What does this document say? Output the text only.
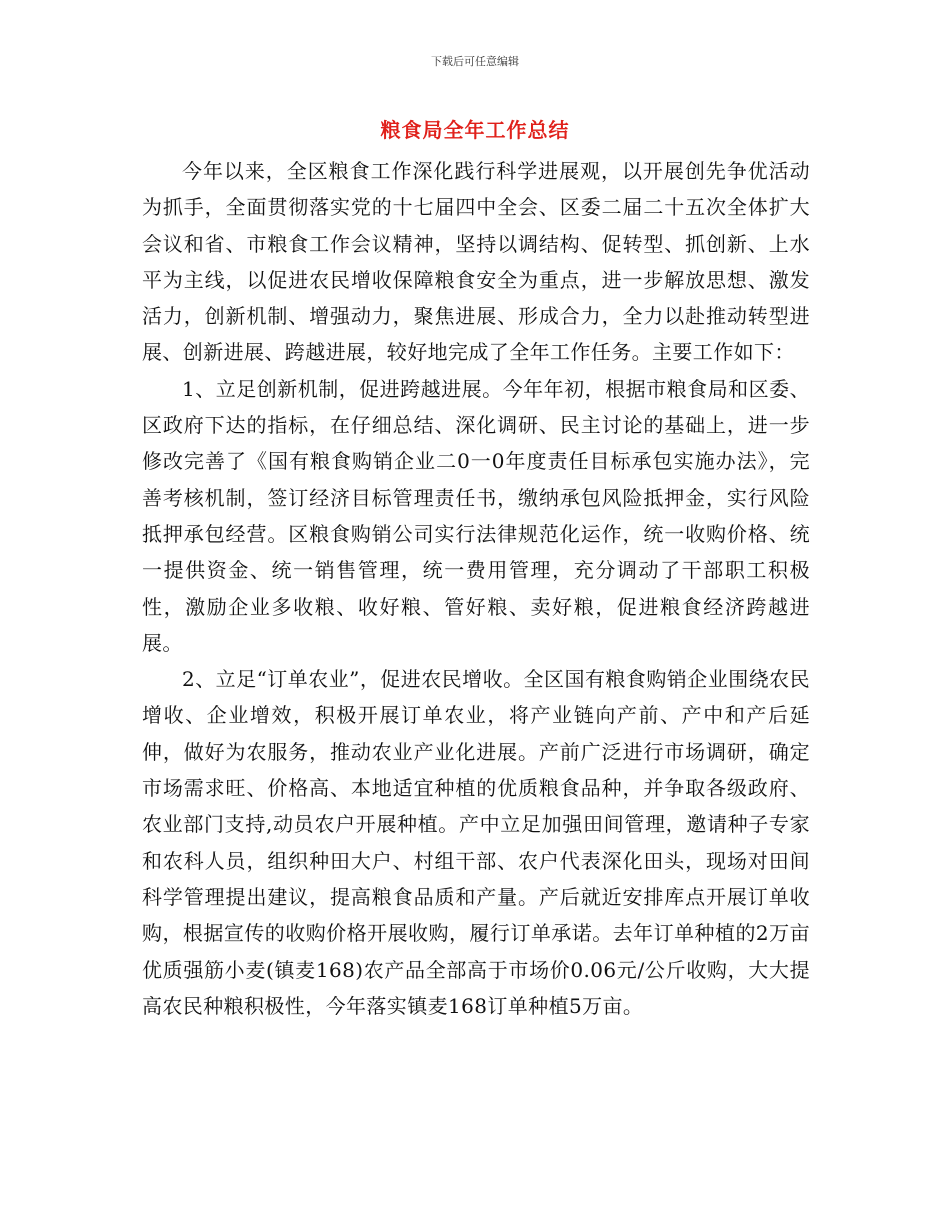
下载后可任意编辑
粮食局全年工作总结

今年以来，全区粮食工作深化践行科学进展观，以开展创先争优活动为抓手，全面贯彻落实党的十七届四中全会、区委二届二十五次全体扩大会议和省、市粮食工作会议精神，坚持以调结构、促转型、抓创新、上水平为主线，以促进农民增收保障粮食安全为重点，进一步解放思想、激发活力，创新机制、增强动力，聚焦进展、形成合力，全力以赴推动转型进展、创新进展、跨越进展，较好地完成了全年工作任务。主要工作如下：

1、立足创新机制，促进跨越进展。今年年初，根据市粮食局和区委、区政府下达的指标，在仔细总结、深化调研、民主讨论的基础上，进一步修改完善了《国有粮食购销企业二0一0年度责任目标承包实施办法》，完善考核机制，签订经济目标管理责任书，缴纳承包风险抵押金，实行风险抵押承包经营。区粮食购销公司实行法律规范化运作，统一收购价格、统一提供资金、统一销售管理，统一费用管理，充分调动了干部职工积极性，激励企业多收粮、收好粮、管好粮、卖好粮，促进粮食经济跨越进展。

2、立足“订单农业”，促进农民增收。全区国有粮食购销企业围绕农民增收、企业增效，积极开展订单农业，将产业链向产前、产中和产后延伸，做好为农服务，推动农业产业化进展。产前广泛进行市场调研，确定市场需求旺、价格高、本地适宜种植的优质粮食品种，并争取各级政府、农业部门支持,动员农户开展种植。产中立足加强田间管理，邀请种子专家和农科人员，组织种田大户、村组干部、农户代表深化田头，现场对田间科学管理提出建议，提高粮食品质和产量。产后就近安排库点开展订单收购，根据宣传的收购价格开展收购，履行订单承诺。去年订单种植的2万亩优质强筋小麦(镇麦168)农产品全部高于市场价0.06元/公斤收购，大大提高农民种粮积极性，今年落实镇麦168订单种植5万亩。
